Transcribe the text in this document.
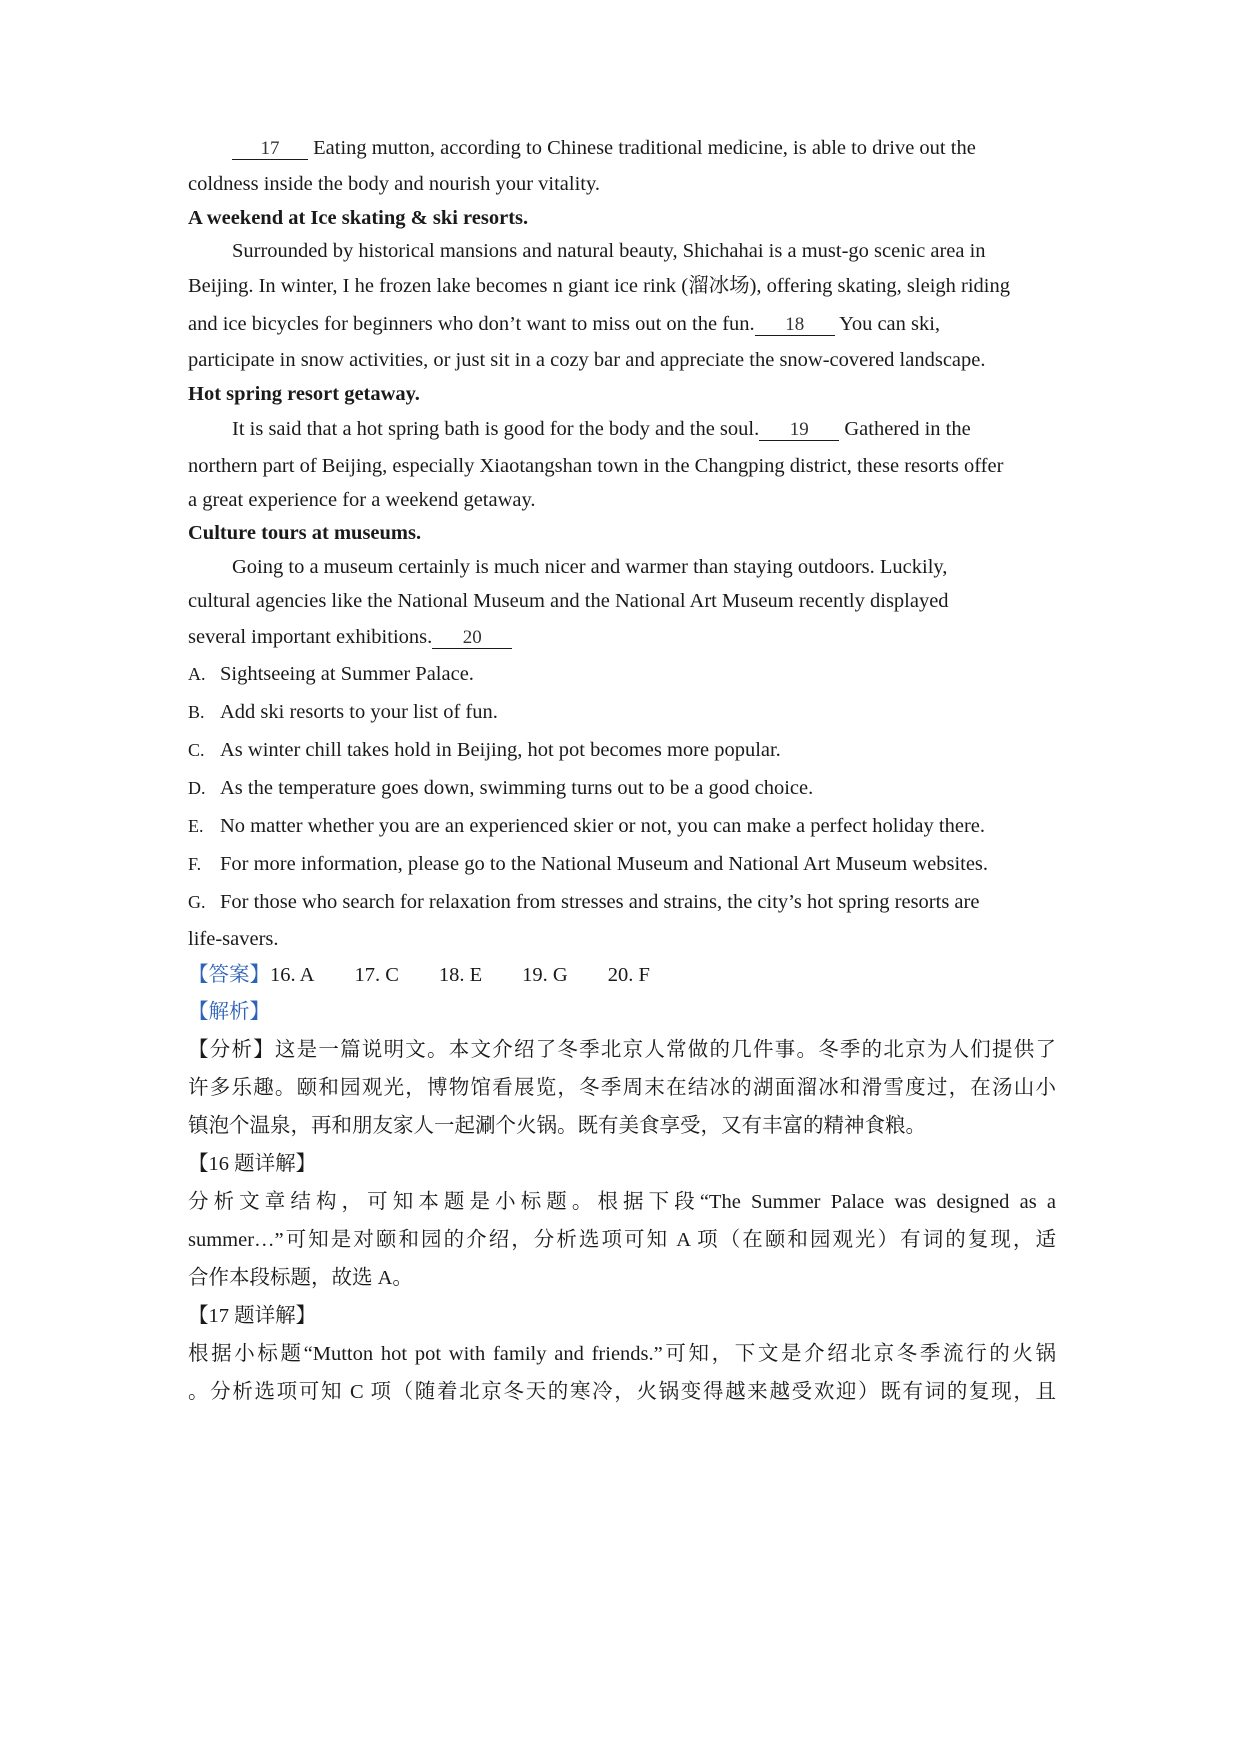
17 Eating mutton, according to Chinese traditional medicine, is able to drive out the
coldness inside the body and nourish your vitality.
A weekend at Ice skating & ski resorts.
Surrounded by historical mansions and natural beauty, Shichahai is a must-go scenic area in
Beijing. In winter, I he frozen lake becomes n giant ice rink (溜冰场), offering skating, sleigh riding
and ice bicycles for beginners who don’t want to miss out on the fun. 18 You can ski,
participate in snow activities, or just sit in a cozy bar and appreciate the snow-covered landscape.
Hot spring resort getaway.
It is said that a hot spring bath is good for the body and the soul. 19 Gathered in the
northern part of Beijing, especially Xiaotangshan town in the Changping district, these resorts offer
a great experience for a weekend getaway.
Culture tours at museums.
Going to a museum certainly is much nicer and warmer than staying outdoors. Luckily,
cultural agencies like the National Museum and the National Art Museum recently displayed
several important exhibitions. 20
A. Sightseeing at Summer Palace.
B. Add ski resorts to your list of fun.
C. As winter chill takes hold in Beijing, hot pot becomes more popular.
D. As the temperature goes down, swimming turns out to be a good choice.
E. No matter whether you are an experienced skier or not, you can make a perfect holiday there.
F. For more information, please go to the National Museum and National Art Museum websites.
G. For those who search for relaxation from stresses and strains, the city’s hot spring resorts are
life-savers.
【答案】16. A 17. C 18. E 19. G 20. F
【解析】
【分析】这是一篇说明文。本文介绍了冬季北京人常做的几件事。冬季的北京为人们提供了
许多乐趣。颐和园观光，博物馆看展览，冬季周末在结冰的湖面溜冰和滑雪度过，在汤山小
镇泡个温泉，再和朋友家人一起涮个火锅。既有美食享受，又有丰富的精神食粮。
【16 题详解】
分析文章结构，可知本题是小标题。根据下段“The Summer Palace was designed as a
summer…”可知是对颐和园的介绍，分析选项可知 A 项（在颐和园观光）有词的复现，适
合作本段标题，故选 A。
【17 题详解】
根据小标题“Mutton hot pot with family and friends.”可知，下文是介绍北京冬季流行的火锅
。分析选项可知 C 项（随着北京冬天的寒冷，火锅变得越来越受欢迎）既有词的复现，且
